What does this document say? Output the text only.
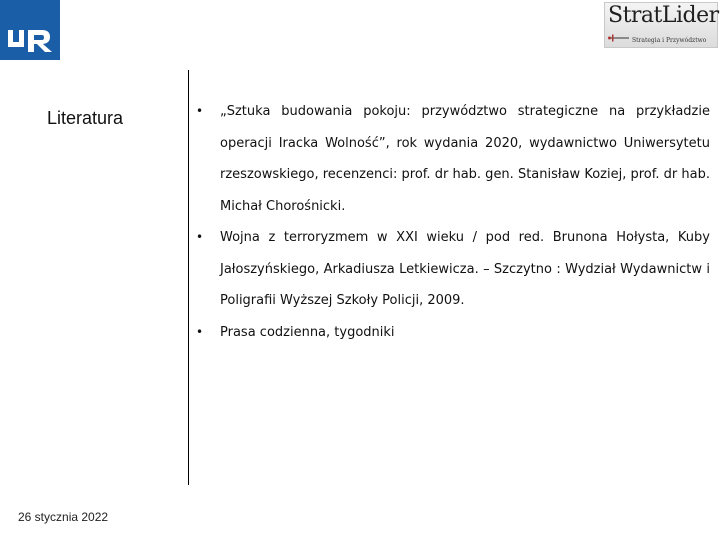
StratLider
Strategia i Przywództwo
Literatura	• „Sztuka budowania pokoju: przywództwo strategiczne na przykładzie operacji Iracka Wolność”, rok wydania 2020, wydawnictwo Uniwersytetu rzeszowskiego, recenzenci: prof. dr hab. gen. Stanisław Koziej, prof. dr hab. Michał Chorośnicki.

• Wojna z terroryzmem w XXI wieku / pod red. Brunona Hołysta, Kuby Jałoszyńskiego, Arkadiusza Letkiewicza. – Szczytno : Wydział Wydawnictw i Poligrafii Wyższej Szkoły Policji, 2009.

• Prasa codzienna, tygodniki

26 stycznia 2022
